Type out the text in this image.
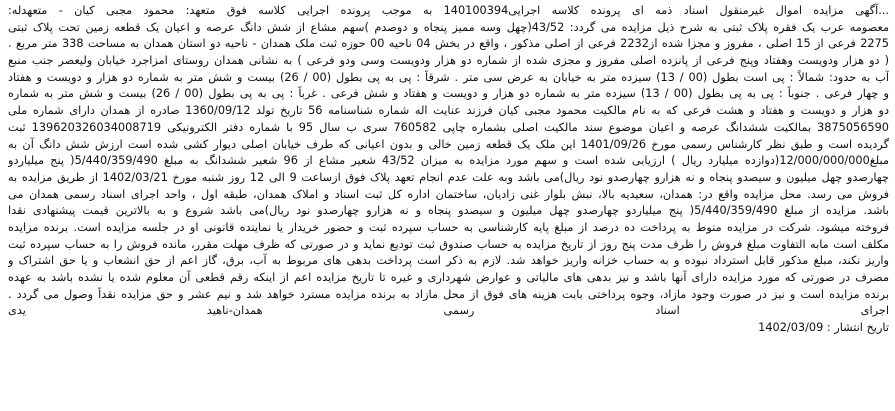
...آگهی مزایده اموال غیرمنقول اسناد ذمه ای پرونده کلاسه اجرایی14010039‌4 به موجب پرونده اجرایی کلاسه فوق متعهد: محمود مجبی کیان - متعهدله:
معصومه عرب یک فقره پلاک ثبتی به شرح ذیل مزایده می گردد: 43/52(چهل وسه ممیز پنجاه و دوصدم )سهم مشاع از شش دانگ عرصه و اعیان یک قطعه زمین تحت پلاک ثبتی
2275 فرعی از 15 اصلی ، مفروز و مجزا شده از2232 فرعی از اصلی مذکور ، واقع در بخش 04 ناحیه 00 حوزه ثبت ملک همدان - ناحیه دو استان همدان به مساحت 338 متر مربع .
( دو هزار ودویست وهفتاد وپنج فرعی از پانزده اصلی مفروز و مجزی شده از شماره دو هزار ودویست وسی ودو فرعی ) به نشانی همدان روستای امزاجرد خیابان ولیعصر جنب منبع
آب به حدود: شمالاً : پی است بطول (00 / 13) سیزده متر به خیابان به عرض سی متر . شرقاً : پی به پی بطول (00 / 26) بیست و شش متر به شماره دو هزار و دویست و هفتاد
و چهار فرعی . جنوباً : پی به پی بطول (00 / 13) سیزده متر به شماره دو هزار و دویست و هفتاد و شش فرعی . غرباً : پی به پی بطول (00 / 26) بیست و شش متر به شماره
دو هزار و دویست و هفتاد و هشت فرعی که به نام مالکیت محمود مجبی کیان فرزند عنایت اله شماره شناسنامه 56 تاریخ تولد 1360/09/12 صادره از همدان دارای شماره ملی
3875056590 بمالکیت ششدانگ عرصه و اعیان موضوع سند مالکیت اصلی بشماره چاپی 760582 سری ب سال 95 با شماره دفتر الکترونیکی 139620326034008719 ثبت
گردیده است و طبق نظر کارشناس رسمی مورخ 1401/09/26 این ملک یک قطعه زمین خالی و بدون اعیانی که طرف خیابان اصلی دیوار کشی شده است ارزش شش دانگ آن به
مبلغ12/000/000/000(دوازده میلیارد ریال ) ارزیابی شده است و سهم مورد مزایده به میزان 43/52 شعیر مشاع از 96 شعیر ششدانگ به مبلغ 5/440/359/490( پنج میلیاردو
چهارصدو چهل میلیون و سیصدو پنجاه و نه هزارو چهارصدو نود ریال)می باشد وبه علت عدم انجام تعهد پلاک فوق ازساعت 9 الی 12 روز شنبه مورخ 1402/03/21 از طریق مزایده به
فروش می رسد. محل مزایده واقع در: همدان، سعیدیه بالا، نبش بلوار غنی زادیان، ساختمان اداره کل ثبت اسناد و املاک همدان، طبقه اول ، واحد اجرای اسناد رسمی همدان می
باشد. مزایده از مبلغ 5/440/359/490( پنج میلیاردو چهارصدو چهل میلیون و سیصدو پنجاه و نه هزارو چهارصدو نود ریال)می باشد شروع و به بالاترین قیمت پیشنهادی نقدا
فروخته میشود. شرکت در مزایده منوط به پرداخت ده درصد از مبلغ پایه کارشناسی به حساب سپرده ثبت و حضور خریدار یا نماینده قانونی او در جلسه مزایده است. برنده مزایده
مکلف است مابه التفاوت مبلغ فروش را ظرف مدت پنج روز از تاریخ مزایده به حساب صندوق ثبت تودیع نماید و در صورتی که ظرف مهلت مقرر، مانده فروش را به حساب سپرده ثبت
واریز نکند، مبلغ مذکور قابل استرداد نبوده و به حساب خزانه واریز خواهد شد. لازم به ذکر است پرداخت بدهی های مربوط به آب، برق، گاز اعم از حق انشعاب و یا حق اشتراک و
مصرف در صورتی که مورد مزایده دارای آنها باشد و نیز بدهی های مالیاتی و عوارض شهرداری و غیره تا تاریخ مزایده اعم از اینکه رقم قطعی آن معلوم شده یا نشده باشد به عهده
برنده مزایده است و نیز در صورت وجود مازاد، وجوه پرداختی بابت هزینه های فوق از محل مازاد به برنده مزایده مسترد خواهد شد و نیم عشر و حق مزایده نقداً وصول می گردد .
اجرای اسناد رسمی همدان-ناهید یدی
تاریخ انتشار : 1402/03/09
